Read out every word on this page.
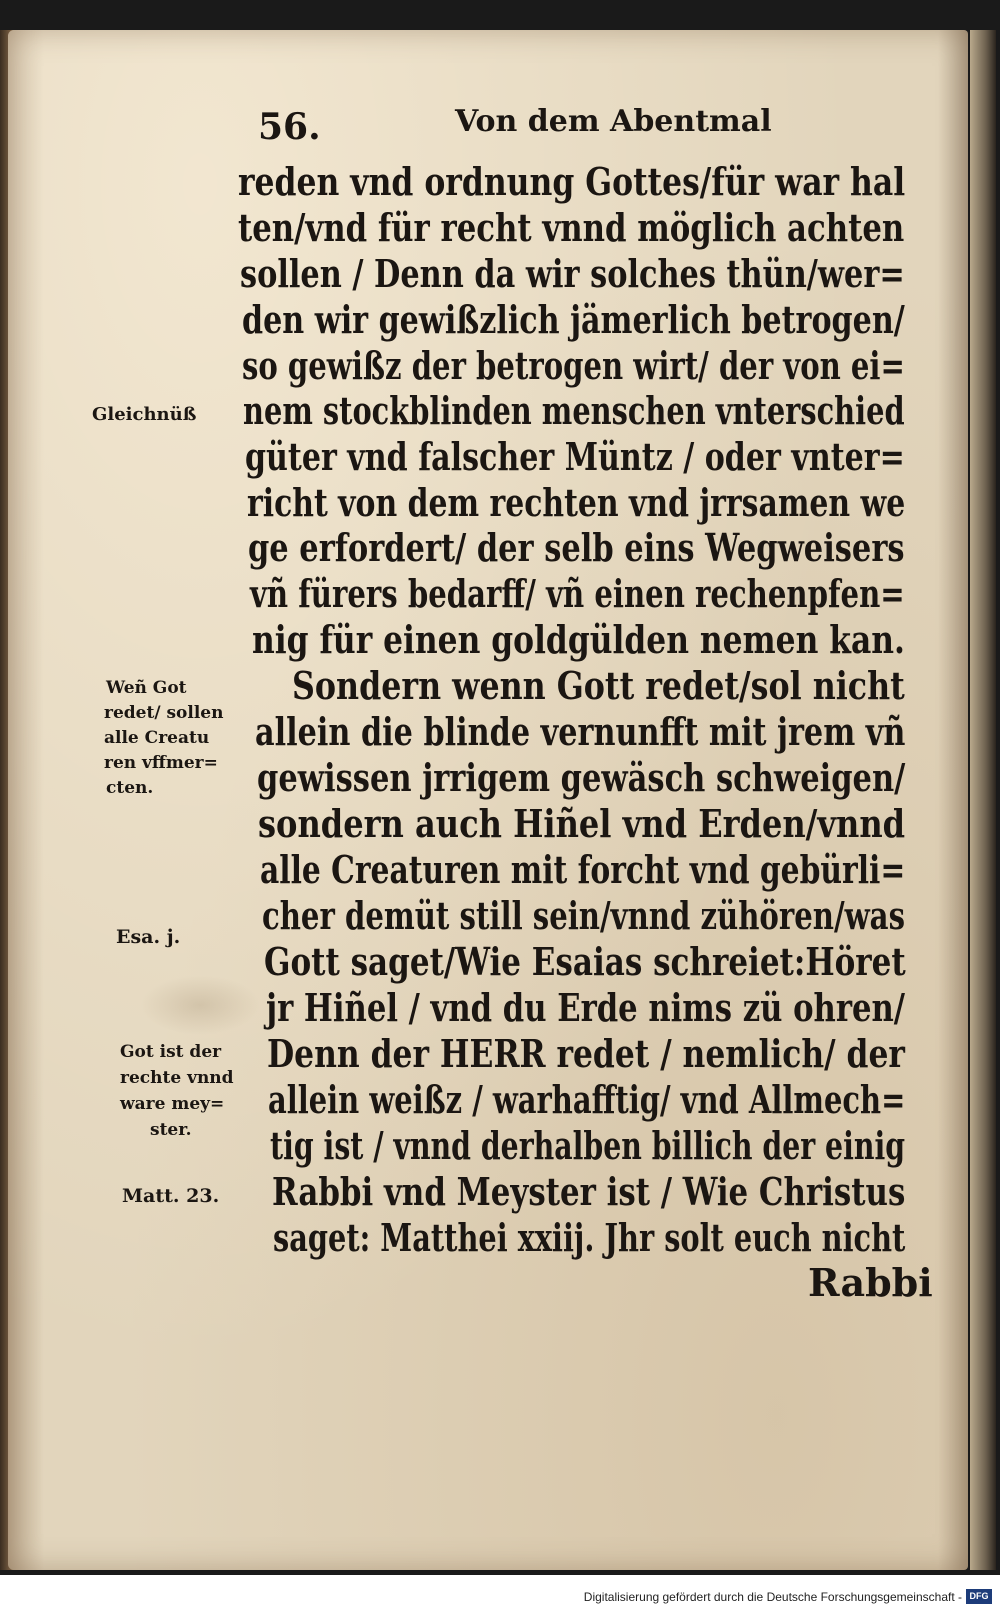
56.	Von dem Abentmal
reden vnd ordnung Gottes/für war hal
ten/vnd für recht vnnd möglich achten
sollen / Denn da wir solches thün/wer=
den wir gewißzlich jämerlich betrogen/
so gewißz der betrogen wirt/ der von ei=
nem stockblinden menschen vnterschied
güter vnd falscher Müntz / oder vnter=
richt von dem rechten vnd jrrsamen we
ge erfordert/ der selb eins Wegweisers
vñ fürers bedarff/ vñ einen rechenpfen=
nig für einen goldgülden nemen kan.
Sondern wenn Gott redet/sol nicht
allein die blinde vernunfft mit jrem vñ
gewissen jrrigem gewäsch schweigen/
sondern auch Hiñel vnd Erden/vnnd
alle Creaturen mit forcht vnd gebürli=
cher demüt still sein/vnnd zühören/was
Gott saget/Wie Esaias schreiet:Höret
jr Hiñel / vnd du Erde nims zü ohren/
Denn der HERR redet / nemlich/ der
allein weißz / warhafftig/ vnd Allmech=
tig ist / vnnd derhalben billich der einig
Rabbi vnd Meyster ist / Wie Christus
saget: Matthei xxiij. Jhr solt euch nicht
Rabbi
Gleichnüß
Weñ Got
redet/ sollen
alle Creatu
ren vffmer=
cten.
Esa. j.
Got ist der
rechte vnnd
ware mey=
ster.
Matt. 23.
Digitalisierung gefördert durch die Deutsche Forschungsgemeinschaft - DFG
